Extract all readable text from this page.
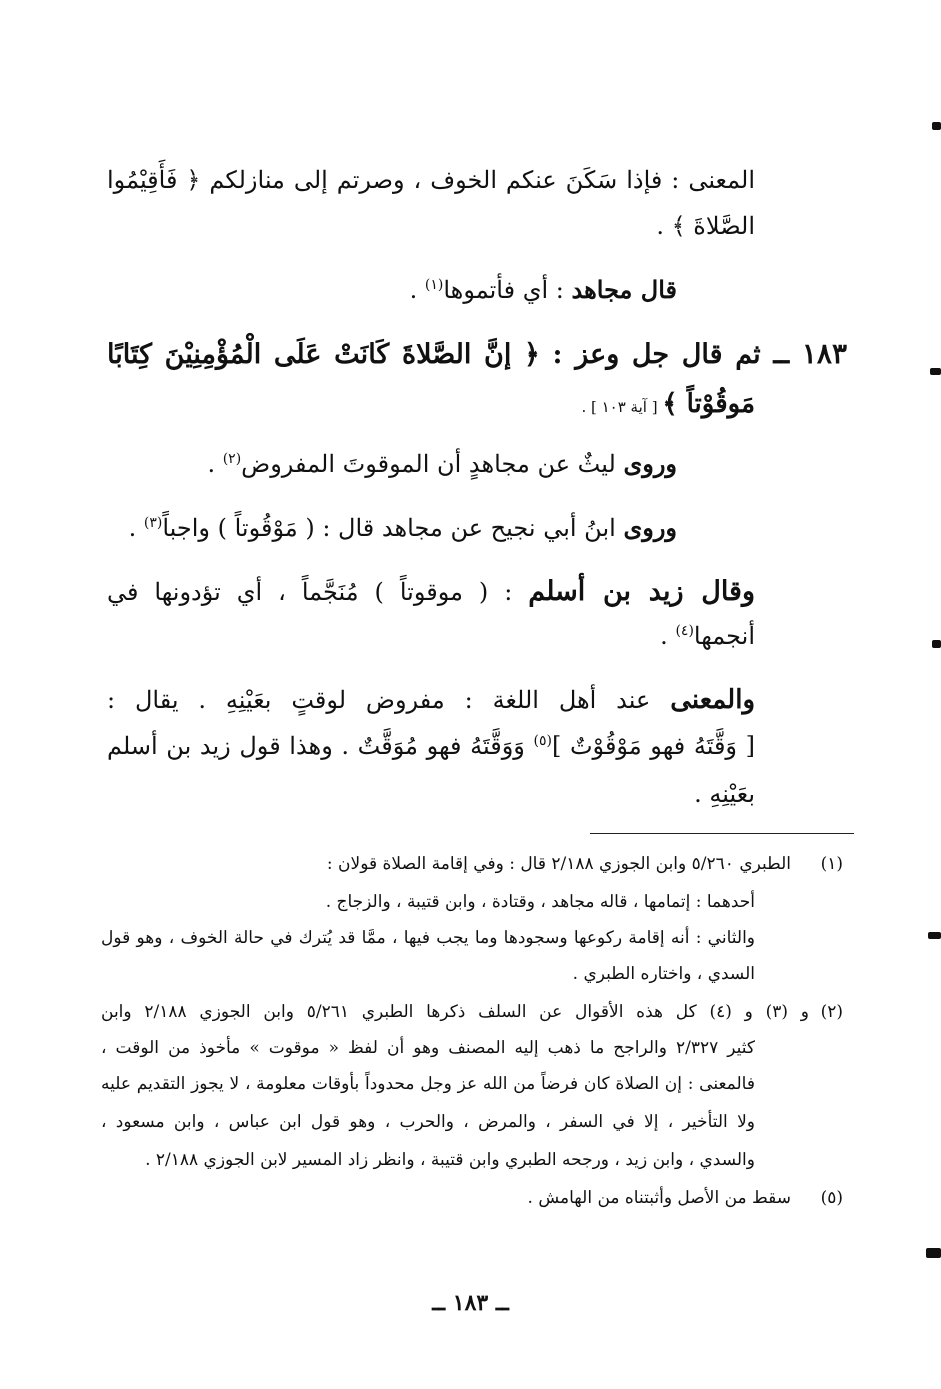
المعنى : فإذا سَكَنَ عنكم الخوف ، وصرتم إلى منازلكم ﴿ فَأَقِيْمُوا
الصَّلاةَ ﴾ .
قال مجاهد : أي فأتموها$^{(١)}$ .
١٨٣ ــ ثم قال جل وعز : ﴿ إنَّ الصَّلاةَ كَانَتْ عَلَى الْمُؤْمِنِيْنَ كِتَابًا
مَوقُوْتاً ﴾ [ آية ١٠٣ ] .
وروى ليثٌ عن مجاهدٍ أن الموقوتَ المفروض$^{(٢)}$ .
وروى ابنُ أبي نجيح عن مجاهد قال : ( مَوْقُوتاً ) واجباً$^{(٣)}$ .
وقال زيد بن أسلم : ( موقوتاً ) مُنَجَّماً ، أي تؤدونها في
أنجمها$^{(٤)}$ .
والمعنى عند أهل اللغة : مفروض لوقتٍ بعَيْنِهِ . يقال :
[ وَقَّتَهُ فهو مَوْقُوْتٌ ]$^{(٥)}$ وَوَقَّتَهُ فهو مُوَقَّتٌ . وهذا قول زيد بن أسلم
بعَيْنِهِ .
(١)
الطبري ٥/٢٦٠ وابن الجوزي ٢/١٨٨ قال : وفي إقامة الصلاة قولان :
أحدهما : إتمامها ، قاله مجاهد ، وقتادة ، وابن قتيبة ، والزجاج .
والثاني : أنه إقامة ركوعها وسجودها وما يجب فيها ، ممَّا قد يُترك في حالة الخوف ، وهو قول
السدي ، واختاره الطبري .
(٢)
و (٣) و (٤) كل هذه الأقوال عن السلف ذكرها الطبري ٥/٢٦١ وابن الجوزي ٢/١٨٨ وابن
كثير ٢/٣٢٧ والراجح ما ذهب إليه المصنف وهو أن لفظ « موقوت » مأخوذ من الوقت ،
فالمعنى : إن الصلاة كان فرضاً من الله عز وجل محدوداً بأوقات معلومة ، لا يجوز التقديم عليه
ولا التأخير ، إلا في السفر ، والمرض ، والحرب ، وهو قول ابن عباس ، وابن مسعود ،
والسدي ، وابن زيد ، ورجحه الطبري وابن قتيبة ، وانظر زاد المسير لابن الجوزي ٢/١٨٨ .
(٥)
سقط من الأصل وأثبتناه من الهامش .
ــ ١٨٣ ــ
